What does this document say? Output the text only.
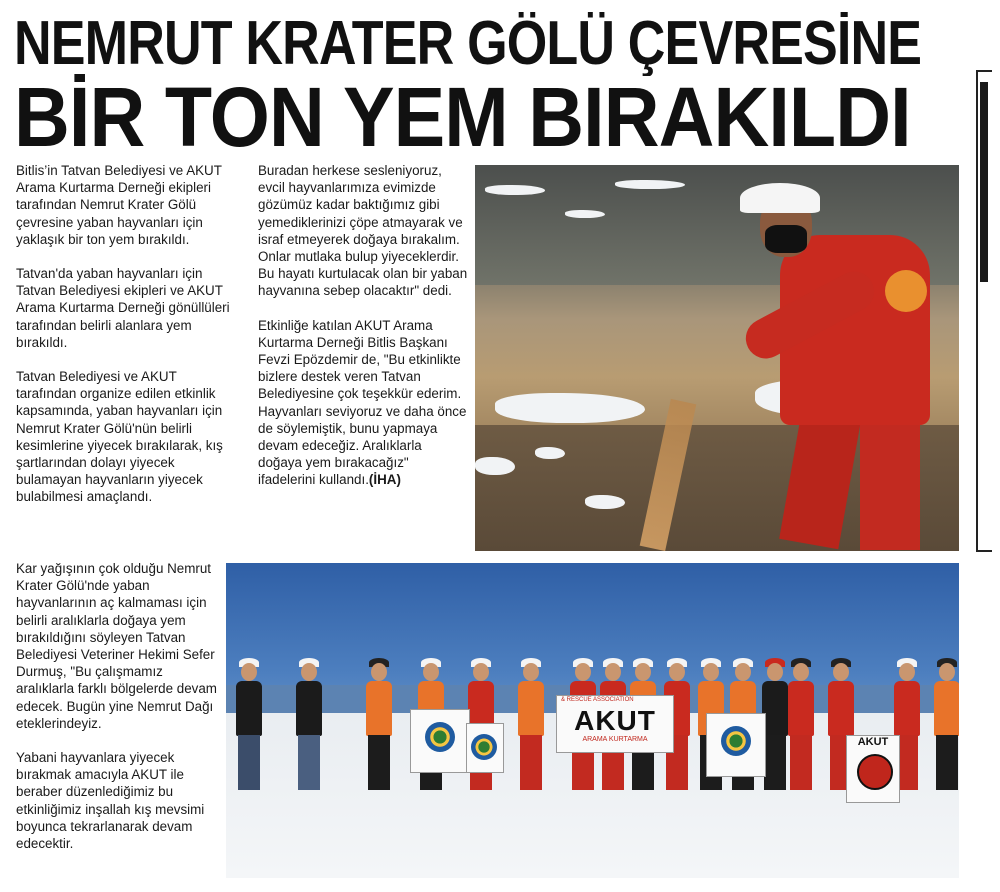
NEMRUT KRATER GÖLÜ ÇEVRESİNE
BİR TON YEM BIRAKILDI

Bitlis’in Tatvan Belediyesi ve AKUT Arama Kurtarma Derneği ekipleri tarafından Nemrut Krater Gölü çevresine yaban hayvanları için yaklaşık bir ton yem bırakıldı.

Tatvan'da yaban hayvanları için Tatvan Belediyesi ekipleri ve AKUT Arama Kurtarma Derneği gönüllüleri tarafından belirli alanlara yem bırakıldı.

Tatvan Belediyesi ve AKUT tarafından organize edilen etkinlik kapsamında, yaban hayvanları için Nemrut Krater Gölü'nün belirli kesimlerine yiyecek bırakılarak, kış şartlarından dolayı yiyecek bulamayan hayvanların yiyecek bulabilmesi amaçlandı.

Kar yağışının çok olduğu Nemrut Krater Gölü'nde yaban hayvanlarının aç kalmaması için belirli aralıklarla doğaya yem bırakıldığını söyleyen Tatvan Belediyesi Veteriner Hekimi Sefer Durmuş, "Bu çalışmamız aralıklarla farklı bölgelerde devam edecek. Bugün yine Nemrut Dağı eteklerindeyiz.

Yabani hayvanlara yiyecek bırakmak amacıyla AKUT ile beraber düzenlediğimiz bu etkinliğimiz inşallah kış mevsimi boyunca tekrarlanarak devam edecektir.

Buradan herkese sesleniyoruz, evcil hayvanlarımıza evimizde gözümüz kadar baktığımız gibi yemediklerinizi çöpe atmayarak ve israf etmeyerek doğaya bırakalım. Onlar mutlaka bulup yiyeceklerdir. Bu hayatı kurtulacak olan bir yaban hayvanına sebep olacaktır" dedi.

Etkinliğe katılan AKUT Arama Kurtarma Derneği Bitlis Başkanı Fevzi Epözdemir de, "Bu etkinlikte bizlere destek veren Tatvan Belediyesine çok teşekkür ederim. Hayvanları seviyoruz ve daha önce de söylemiştik, bunu yapmaya devam edeceğiz. Aralıklarla doğaya yem bırakacağız" ifadelerini kullandı.(İHA)

& RESCUE ASSOCIATION
AKUT
ARAMA KURTARMA	AKUT
